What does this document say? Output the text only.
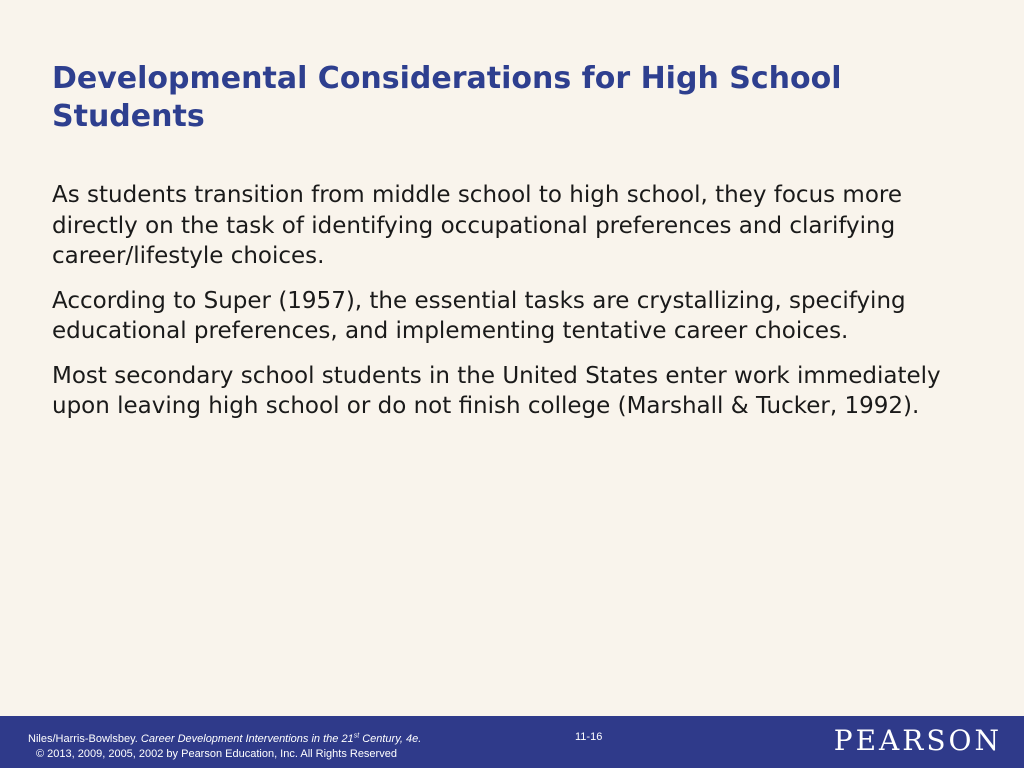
Developmental Considerations for High School Students

As students transition from middle school to high school, they focus more directly on the task of identifying occupational preferences and clarifying career/lifestyle choices.

According to Super (1957), the essential tasks are crystallizing, specifying educational preferences, and implementing tentative career choices.

Most secondary school students in the United States enter work immediately upon leaving high school or do not finish college (Marshall & Tucker, 1992).

Niles/Harris-Bowlsbey. Career Development Interventions in the 21st Century, 4e.
© 2013, 2009, 2005, 2002 by Pearson Education, Inc. All Rights Reserved
11-16	PEARSON
